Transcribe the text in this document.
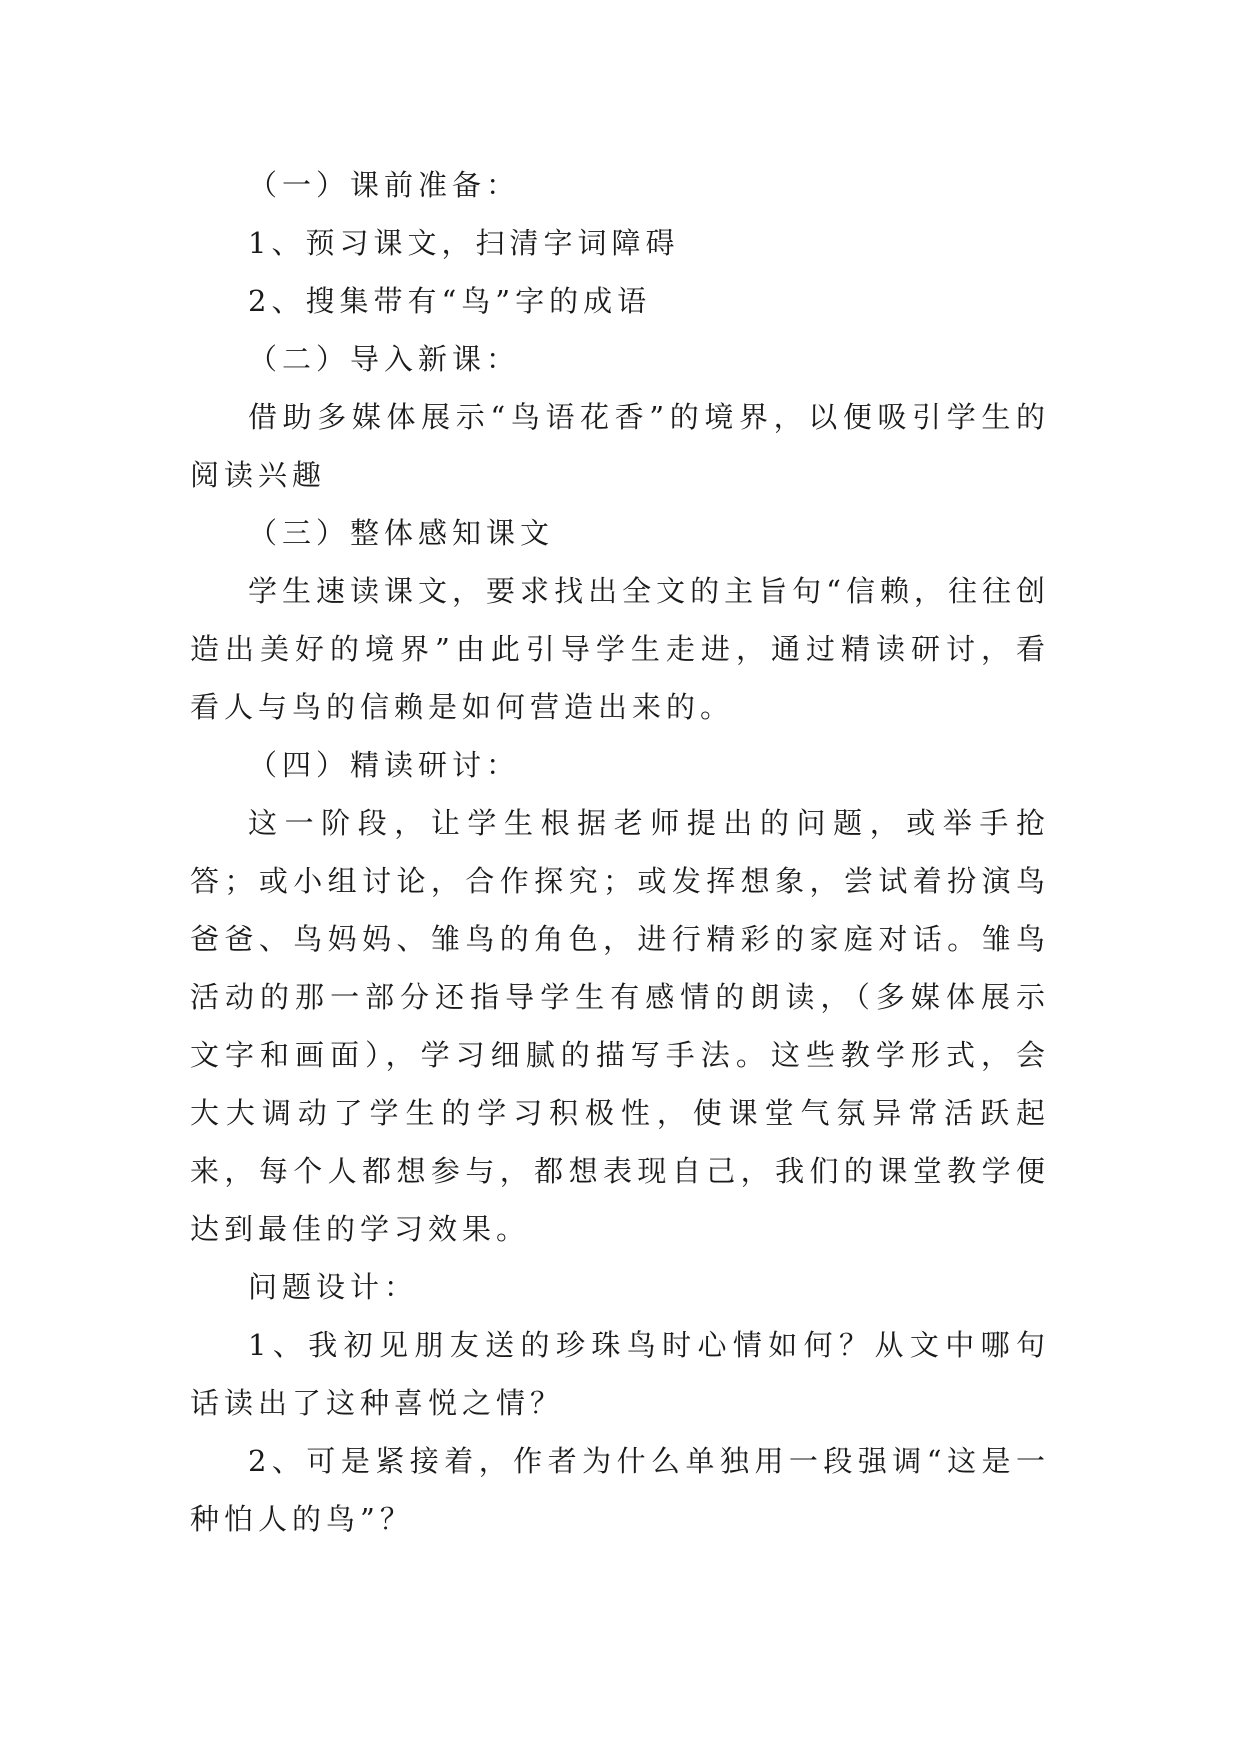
（一）课前准备：

1、预习课文，扫清字词障碍

2、搜集带有“鸟”字的成语

（二）导入新课：

借助多媒体展示“鸟语花香”的境界，以便吸引学生的阅读兴趣

（三）整体感知课文

学生速读课文，要求找出全文的主旨句“信赖，往往创造出美好的境界”由此引导学生走进，通过精读研讨，看看人与鸟的信赖是如何营造出来的。

（四）精读研讨：

这一阶段，让学生根据老师提出的问题，或举手抢答；或小组讨论，合作探究；或发挥想象，尝试着扮演鸟爸爸、鸟妈妈、雏鸟的角色，进行精彩的家庭对话。雏鸟活动的那一部分还指导学生有感情的朗读，（多媒体展示文字和画面），学习细腻的描写手法。这些教学形式，会大大调动了学生的学习积极性，使课堂气氛异常活跃起来，每个人都想参与，都想表现自己，我们的课堂教学便达到最佳的学习效果。

问题设计：

1、我初见朋友送的珍珠鸟时心情如何？从文中哪句话读出了这种喜悦之情？

2、可是紧接着，作者为什么单独用一段强调“这是一种怕人的鸟”？
